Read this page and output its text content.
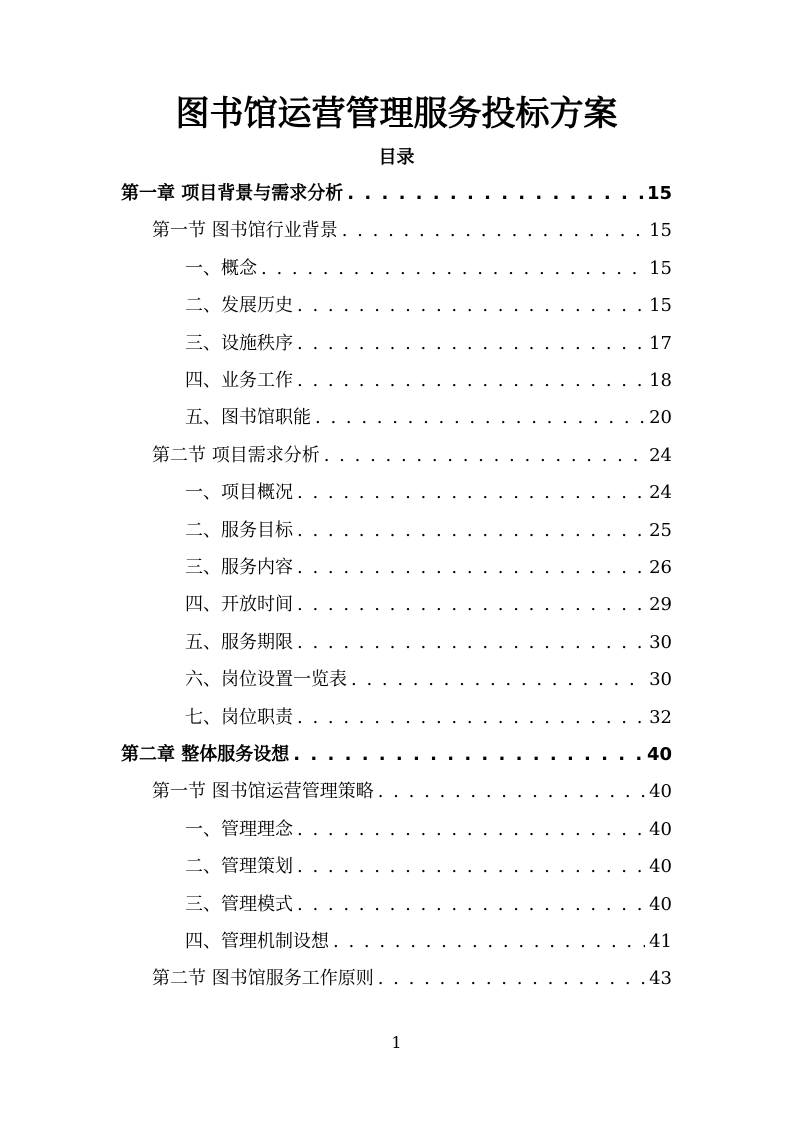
图书馆运营管理服务投标方案
目录
第一章 项目背景与需求分析 . . .	15
第一节 图书馆行业背景 . . .	15
一、概念 . . .	15
二、发展历史 . . .	15
三、设施秩序 . . .	17
四、业务工作 . . .	18
五、图书馆职能 . . .	20
第二节 项目需求分析 . . .	24
一、项目概况 . . .	24
二、服务目标 . . .	25
三、服务内容 . . .	26
四、开放时间 . . .	29
五、服务期限 . . .	30
六、岗位设置一览表 . . .	30
七、岗位职责 . . .	32
第二章 整体服务设想 . . .	40
第一节 图书馆运营管理策略 . . .	40
一、管理理念 . . .	40
二、管理策划 . . .	40
三、管理模式 . . .	40
四、管理机制设想 . . .	41
第二节 图书馆服务工作原则 . . .	43
1
